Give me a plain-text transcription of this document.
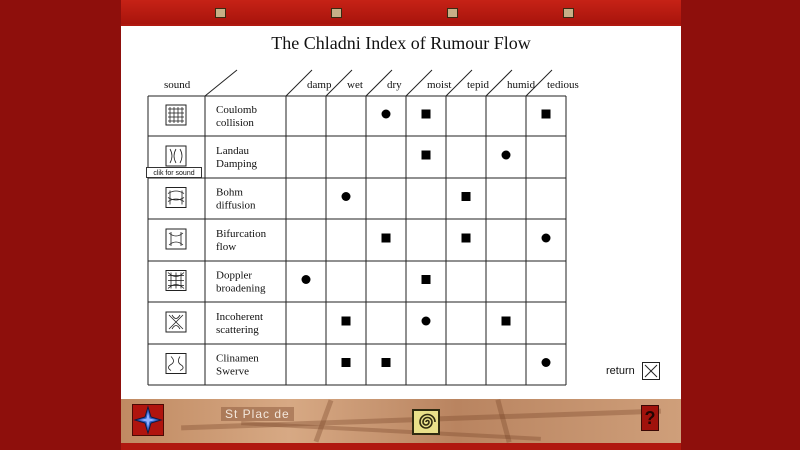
The Chladni Index of Rumour Flow
sound	damp wet dry moist tepid humid tedious
Coulomb
collision
Landau
Damping
Bohm
diffusion
Bifurcation
flow
Doppler
broadening
Incoherent
scattering
Clinamen
Swerve
clik for sound
return
St Plac de	?
